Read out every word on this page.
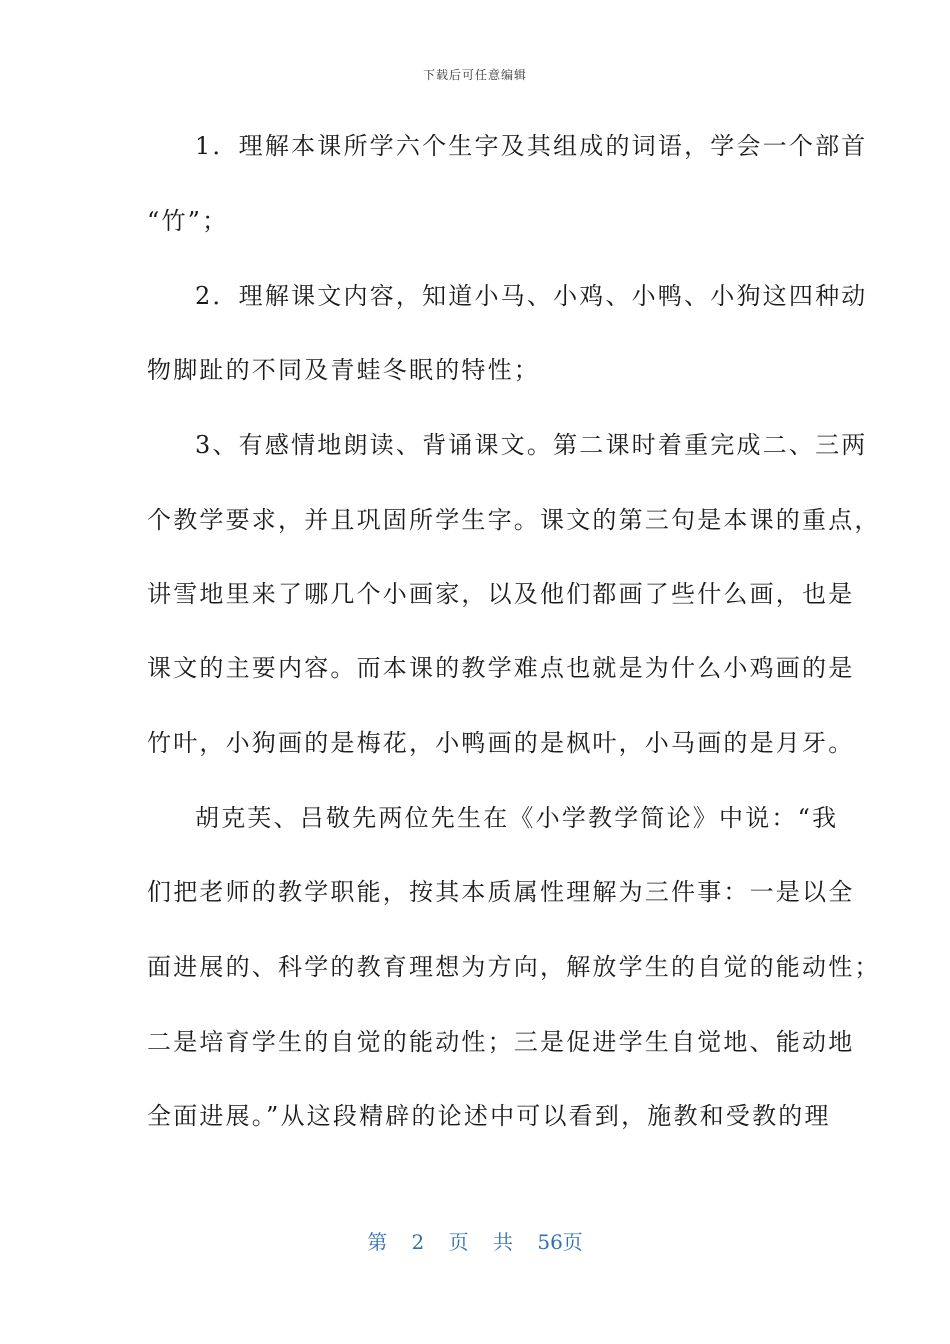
下载后可任意编辑
1．理解本课所学六个生字及其组成的词语，学会一个部首
“竹”；
2．理解课文内容，知道小马、小鸡、小鸭、小狗这四种动
物脚趾的不同及青蛙冬眠的特性；
3、有感情地朗读、背诵课文。第二课时着重完成二、三两
个教学要求，并且巩固所学生字。课文的第三句是本课的重点，
讲雪地里来了哪几个小画家，以及他们都画了些什么画，也是
课文的主要内容。而本课的教学难点也就是为什么小鸡画的是
竹叶，小狗画的是梅花，小鸭画的是枫叶，小马画的是月牙。
胡克芙、吕敬先两位先生在《小学教学简论》中说：“我
们把老师的教学职能，按其本质属性理解为三件事：一是以全
面进展的、科学的教育理想为方向，解放学生的自觉的能动性；
二是培育学生的自觉的能动性；三是促进学生自觉地、能动地
全面进展。”从这段精辟的论述中可以看到，施教和受教的理
第 2 页 共 56页
